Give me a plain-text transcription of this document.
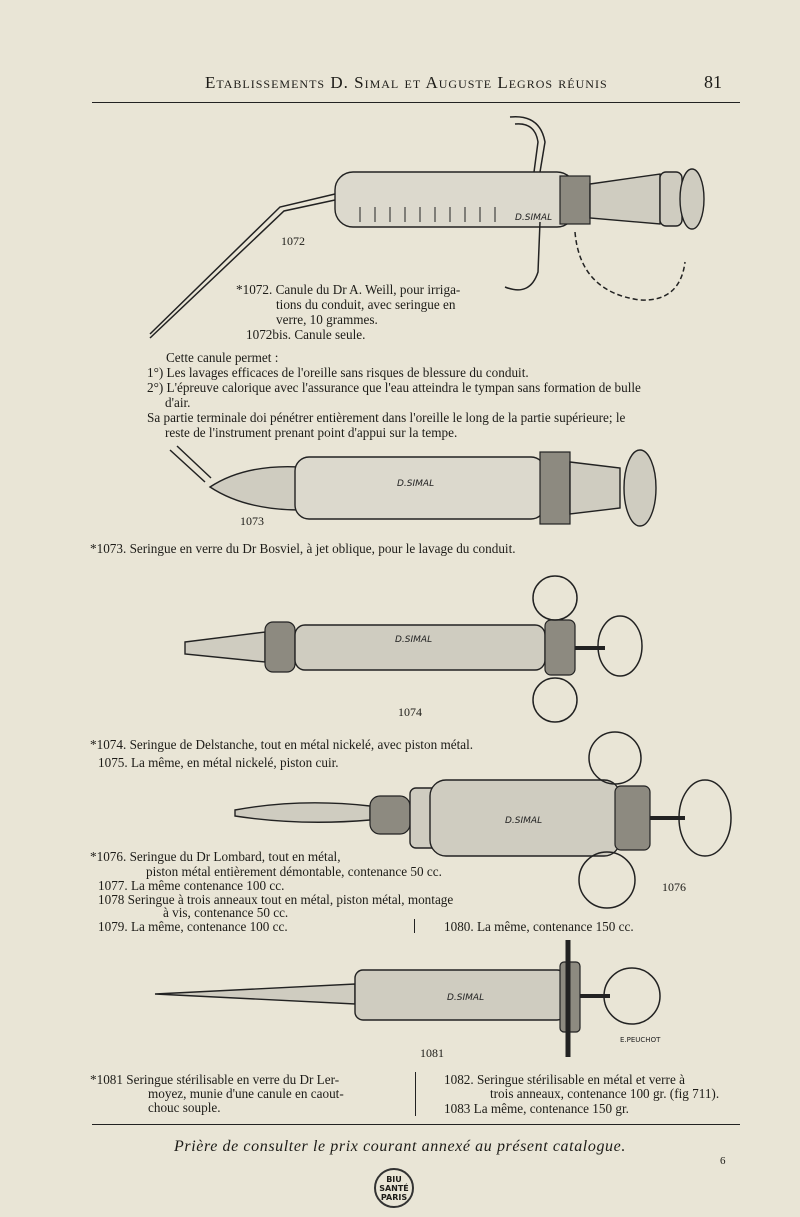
Etablissements D. Simal et Auguste Legros réunis	81
D.SIMAL
1072
*1072. Canule du Dr A. Weill, pour irriga-
tions du conduit, avec seringue en
verre, 10 grammes.
1072bis. Canule seule.
Cette canule permet :
1°) Les lavages efficaces de l'oreille sans risques de blessure du conduit.
2°) L'épreuve calorique avec l'assurance que l'eau atteindra le tympan sans formation de bulle
d'air.
Sa partie terminale doi pénétrer entièrement dans l'oreille le long de la partie supérieure; le
reste de l'instrument prenant point d'appui sur la tempe.
D.SIMAL
1073
*1073. Seringue en verre du Dr Bosviel, à jet oblique, pour le lavage du conduit.
D.SIMAL
1074
*1074. Seringue de Delstanche, tout en métal nickelé, avec piston métal.
1075. La même, en métal nickelé, piston cuir.
D.SIMAL
1076
*1076. Seringue du Dr Lombard, tout en métal,
piston métal entièrement démontable, contenance 50 cc.
1077. La même contenance 100 cc.
1078 Seringue à trois anneaux tout en métal, piston métal, montage
à vis, contenance 50 cc.
1079. La même, contenance 100 cc.	1080. La même, contenance 150 cc.
D.SIMAL
E.PEUCHOT
1081
*1081 Seringue stérilisable en verre du Dr Ler-
moyez, munie d'une canule en caout-
chouc souple.
1082. Seringue stérilisable en métal et verre à
trois anneaux, contenance 100 gr. (fig 711).
1083 La même, contenance 150 gr.
Prière de consulter le prix courant annexé au présent catalogue.
6
BIU
SANTÉ
PARIS
